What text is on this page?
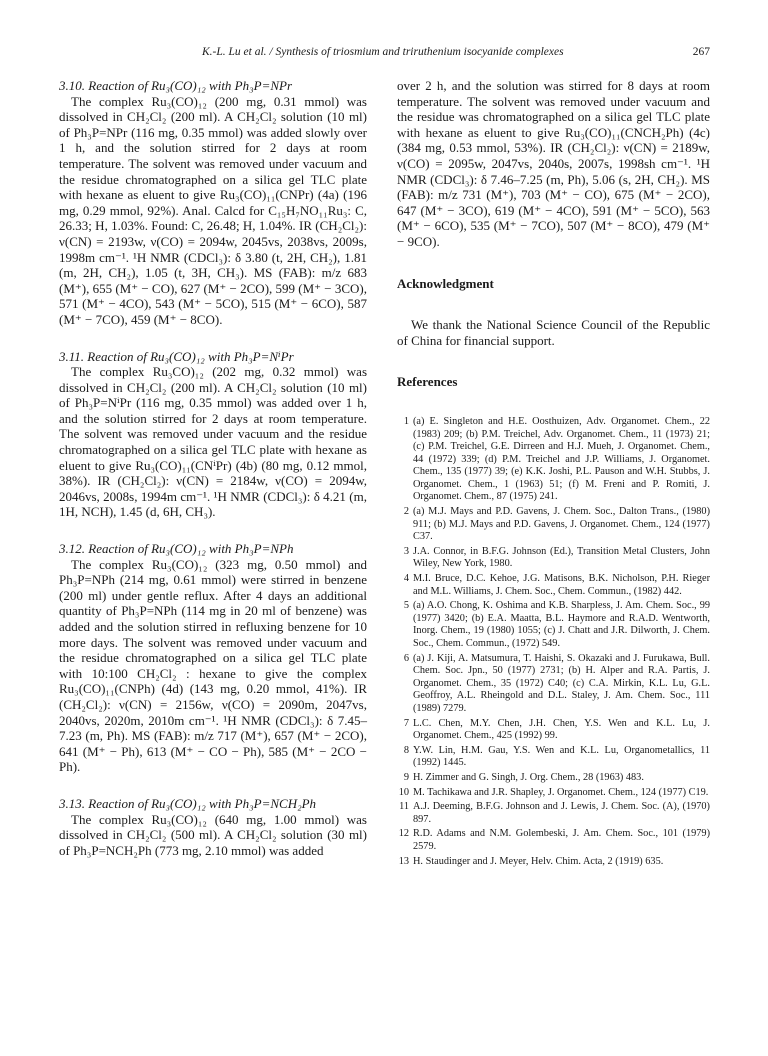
K.-L. Lu et al. / Synthesis of triosmium and triruthenium isocyanide complexes	267

3.10. Reaction of Ru₃(CO)₁₂ with Ph₃P=NPr

The complex Ru₃(CO)₁₂ (200 mg, 0.31 mmol) was dissolved in CH₂Cl₂ (200 ml). A CH₂Cl₂ solution (10 ml) of Ph₃P=NPr (116 mg, 0.35 mmol) was added slowly over 1 h, and the solution stirred for 2 days at room temperature. The solvent was removed under vacuum and the residue chromatographed on a silica gel TLC plate with hexane as eluent to give Ru₃(CO)₁₁(CNPr) (4a) (196 mg, 0.29 mmol, 92%). Anal. Calcd for C₁₅H₇NO₁₁Ru₃: C, 26.33; H, 1.03%. Found: C, 26.48; H, 1.04%. IR (CH₂Cl₂): ν(CN) = 2193w, ν(CO) = 2094w, 2045vs, 2038vs, 2009s, 1998m cm⁻¹. ¹H NMR (CDCl₃): δ 3.80 (t, 2H, CH₂), 1.81 (m, 2H, CH₂), 1.05 (t, 3H, CH₃). MS (FAB): m/z 683 (M⁺), 655 (M⁺ − CO), 627 (M⁺ − 2CO), 599 (M⁺ − 3CO), 571 (M⁺ − 4CO), 543 (M⁺ − 5CO), 515 (M⁺ − 6CO), 587 (M⁺ − 7CO), 459 (M⁺ − 8CO).

3.11. Reaction of Ru₃(CO)₁₂ with Ph₃P=NⁱPr

The complex Ru₃CO)₁₂ (202 mg, 0.32 mmol) was dissolved in CH₂Cl₂ (200 ml). A CH₂Cl₂ solution (10 ml) of Ph₃P=NⁱPr (116 mg, 0.35 mmol) was added over 1 h, and the solution stirred for 2 days at room temperature. The solvent was removed under vacuum and the residue chromatographed on a silica gel TLC plate with hexane as eluent to give Ru₃(CO)₁₁(CNⁱPr) (4b) (80 mg, 0.12 mmol, 38%). IR (CH₂Cl₂): ν(CN) = 2184w, ν(CO) = 2094w, 2046vs, 2008s, 1994m cm⁻¹. ¹H NMR (CDCl₃): δ 4.21 (m, 1H, NCH), 1.45 (d, 6H, CH₃).

3.12. Reaction of Ru₃(CO)₁₂ with Ph₃P=NPh

The complex Ru₃(CO)₁₂ (323 mg, 0.50 mmol) and Ph₃P=NPh (214 mg, 0.61 mmol) were stirred in benzene (200 ml) under gentle reflux. After 4 days an additional quantity of Ph₃P=NPh (114 mg in 20 ml of benzene) was added and the solution stirred in refluxing benzene for 10 more days. The solvent was removed under vacuum and the residue chromatographed on a silica gel TLC plate with 10:100 CH₂Cl₂ : hexane to give the complex Ru₃(CO)₁₁(CNPh) (4d) (143 mg, 0.20 mmol, 41%). IR (CH₂Cl₂): ν(CN) = 2156w, ν(CO) = 2090m, 2047vs, 2040vs, 2020m, 2010m cm⁻¹. ¹H NMR (CDCl₃): δ 7.45–7.23 (m, Ph). MS (FAB): m/z 717 (M⁺), 657 (M⁺ − 2CO), 641 (M⁺ − Ph), 613 (M⁺ − CO − Ph), 585 (M⁺ − 2CO − Ph).

3.13. Reaction of Ru₃(CO)₁₂ with Ph₃P=NCH₂Ph

The complex Ru₃(CO)₁₂ (640 mg, 1.00 mmol) was dissolved in CH₂Cl₂ (500 ml). A CH₂Cl₂ solution (30 ml) of Ph₃P=NCH₂Ph (773 mg, 2.10 mmol) was added

over 2 h, and the solution was stirred for 8 days at room temperature. The solvent was removed under vacuum and the residue was chromatographed on a silica gel TLC plate with hexane as eluent to give Ru₃(CO)₁₁(CNCH₂Ph) (4c) (384 mg, 0.53 mmol, 53%). IR (CH₂Cl₂): ν(CN) = 2189w, ν(CO) = 2095w, 2047vs, 2040s, 2007s, 1998sh cm⁻¹. ¹H NMR (CDCl₃): δ 7.46–7.25 (m, Ph), 5.06 (s, 2H, CH₂). MS (FAB): m/z 731 (M⁺), 703 (M⁺ − CO), 675 (M⁺ − 2CO), 647 (M⁺ − 3CO), 619 (M⁺ − 4CO), 591 (M⁺ − 5CO), 563 (M⁺ − 6CO), 535 (M⁺ − 7CO), 507 (M⁺ − 8CO), 479 (M⁺ − 9CO).

Acknowledgment

We thank the National Science Council of the Republic of China for financial support.

References

1 (a) E. Singleton and H.E. Oosthuizen, Adv. Organomet. Chem., 22 (1983) 209; (b) P.M. Treichel, Adv. Organomet. Chem., 11 (1973) 21; (c) P.M. Treichel, G.E. Dirreen and H.J. Mueh, J. Organomet. Chem., 44 (1972) 339; (d) P.M. Treichel and J.P. Williams, J. Organomet. Chem., 135 (1977) 39; (e) K.K. Joshi, P.L. Pauson and W.H. Stubbs, J. Organomet. Chem., 1 (1963) 51; (f) M. Freni and P. Romiti, J. Organomet. Chem., 87 (1975) 241.
2 (a) M.J. Mays and P.D. Gavens, J. Chem. Soc., Dalton Trans., (1980) 911; (b) M.J. Mays and P.D. Gavens, J. Organomet. Chem., 124 (1977) C37.
3 J.A. Connor, in B.F.G. Johnson (Ed.), Transition Metal Clusters, John Wiley, New York, 1980.
4 M.I. Bruce, D.C. Kehoe, J.G. Matisons, B.K. Nicholson, P.H. Rieger and M.L. Williams, J. Chem. Soc., Chem. Commun., (1982) 442.
5 (a) A.O. Chong, K. Oshima and K.B. Sharpless, J. Am. Chem. Soc., 99 (1977) 3420; (b) E.A. Maatta, B.L. Haymore and R.A.D. Wentworth, Inorg. Chem., 19 (1980) 1055; (c) J. Chatt and J.R. Dilworth, J. Chem. Soc., Chem. Commun., (1972) 549.
6 (a) J. Kiji, A. Matsumura, T. Haishi, S. Okazaki and J. Furukawa, Bull. Chem. Soc. Jpn., 50 (1977) 2731; (b) H. Alper and R.A. Partis, J. Organomet. Chem., 35 (1972) C40; (c) C.A. Mirkin, K.L. Lu, G.L. Geoffroy, A.L. Rheingold and D.L. Staley, J. Am. Chem. Soc., 111 (1989) 7279.
7 L.C. Chen, M.Y. Chen, J.H. Chen, Y.S. Wen and K.L. Lu, J. Organomet. Chem., 425 (1992) 99.
8 Y.W. Lin, H.M. Gau, Y.S. Wen and K.L. Lu, Organometallics, 11 (1992) 1445.
9 H. Zimmer and G. Singh, J. Org. Chem., 28 (1963) 483.
10 M. Tachikawa and J.R. Shapley, J. Organomet. Chem., 124 (1977) C19.
11 A.J. Deeming, B.F.G. Johnson and J. Lewis, J. Chem. Soc. (A), (1970) 897.
12 R.D. Adams and N.M. Golembeski, J. Am. Chem. Soc., 101 (1979) 2579.
13 H. Staudinger and J. Meyer, Helv. Chim. Acta, 2 (1919) 635.
